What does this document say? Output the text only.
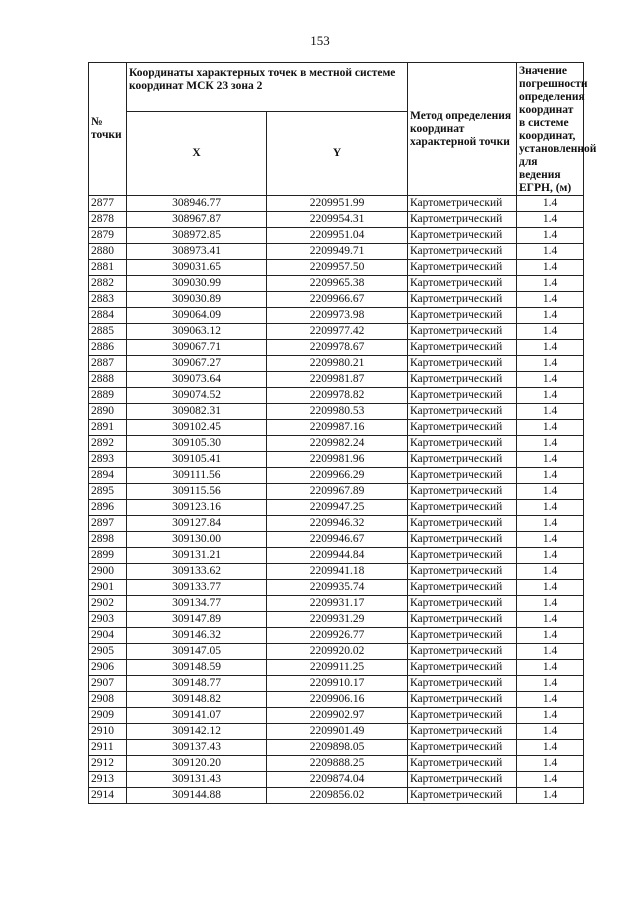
153
№ точки	Координаты характерных точек в местной системе координат МСК 23 зона 2		Метод определения координат характерной точки	Значение погрешности определения координат в системе координат, установленной для ведения ЕГРН, (м)
	X	Y		
2877	308946.77	2209951.99	Картометрический	1.4
2878	308967.87	2209954.31	Картометрический	1.4
2879	308972.85	2209951.04	Картометрический	1.4
2880	308973.41	2209949.71	Картометрический	1.4
2881	309031.65	2209957.50	Картометрический	1.4
2882	309030.99	2209965.38	Картометрический	1.4
2883	309030.89	2209966.67	Картометрический	1.4
2884	309064.09	2209973.98	Картометрический	1.4
2885	309063.12	2209977.42	Картометрический	1.4
2886	309067.71	2209978.67	Картометрический	1.4
2887	309067.27	2209980.21	Картометрический	1.4
2888	309073.64	2209981.87	Картометрический	1.4
2889	309074.52	2209978.82	Картометрический	1.4
2890	309082.31	2209980.53	Картометрический	1.4
2891	309102.45	2209987.16	Картометрический	1.4
2892	309105.30	2209982.24	Картометрический	1.4
2893	309105.41	2209981.96	Картометрический	1.4
2894	309111.56	2209966.29	Картометрический	1.4
2895	309115.56	2209967.89	Картометрический	1.4
2896	309123.16	2209947.25	Картометрический	1.4
2897	309127.84	2209946.32	Картометрический	1.4
2898	309130.00	2209946.67	Картометрический	1.4
2899	309131.21	2209944.84	Картометрический	1.4
2900	309133.62	2209941.18	Картометрический	1.4
2901	309133.77	2209935.74	Картометрический	1.4
2902	309134.77	2209931.17	Картометрический	1.4
2903	309147.89	2209931.29	Картометрический	1.4
2904	309146.32	2209926.77	Картометрический	1.4
2905	309147.05	2209920.02	Картометрический	1.4
2906	309148.59	2209911.25	Картометрический	1.4
2907	309148.77	2209910.17	Картометрический	1.4
2908	309148.82	2209906.16	Картометрический	1.4
2909	309141.07	2209902.97	Картометрический	1.4
2910	309142.12	2209901.49	Картометрический	1.4
2911	309137.43	2209898.05	Картометрический	1.4
2912	309120.20	2209888.25	Картометрический	1.4
2913	309131.43	2209874.04	Картометрический	1.4
2914	309144.88	2209856.02	Картометрический	1.4
